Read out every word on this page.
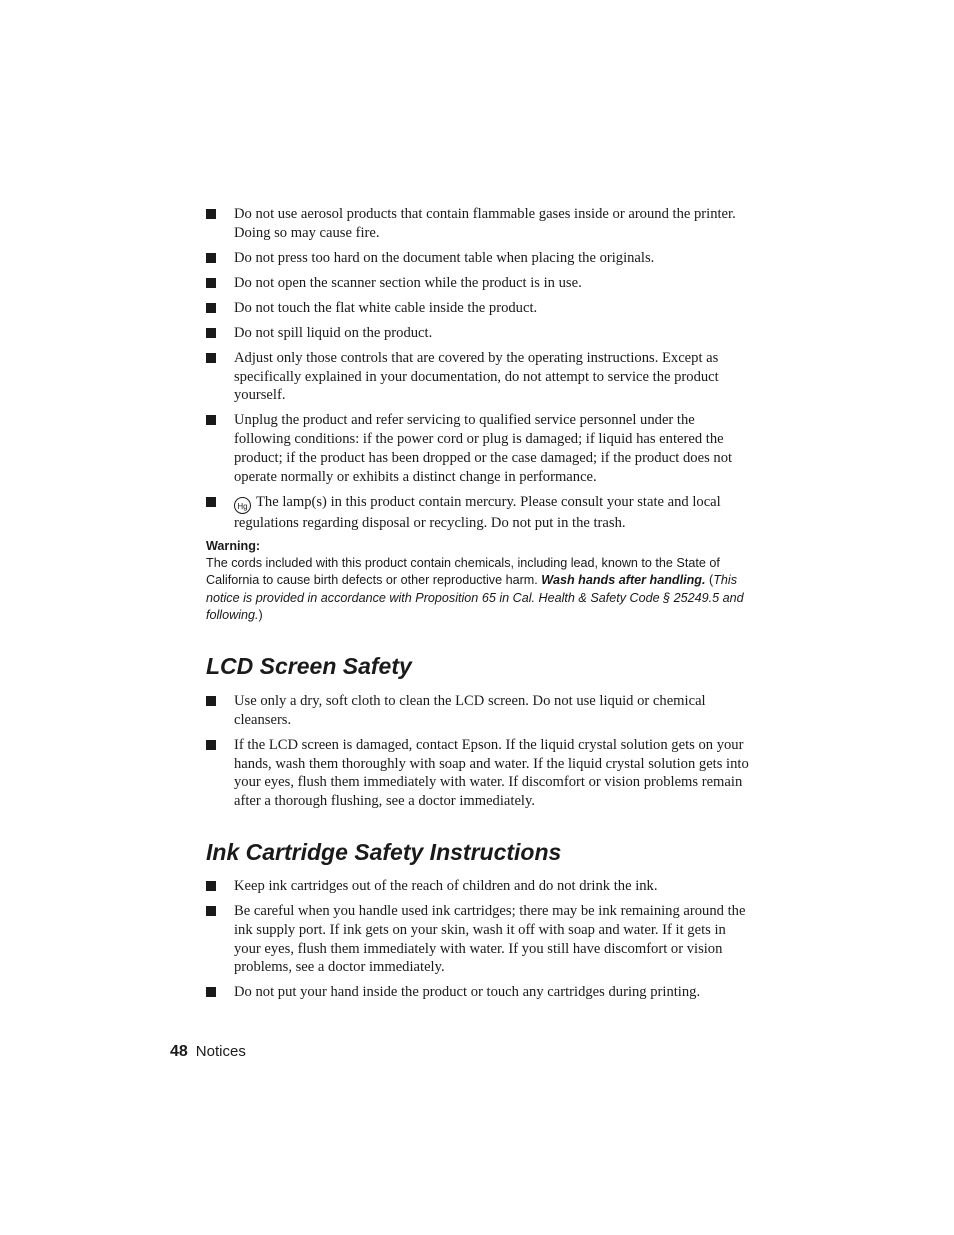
Do not use aerosol products that contain flammable gases inside or around the printer. Doing so may cause fire.
Do not press too hard on the document table when placing the originals.
Do not open the scanner section while the product is in use.
Do not touch the flat white cable inside the product.
Do not spill liquid on the product.
Adjust only those controls that are covered by the operating instructions. Except as specifically explained in your documentation, do not attempt to service the product yourself.
Unplug the product and refer servicing to qualified service personnel under the following conditions: if the power cord or plug is damaged; if liquid has entered the product; if the product has been dropped or the case damaged; if the product does not operate normally or exhibits a distinct change in performance.
Hg The lamp(s) in this product contain mercury. Please consult your state and local regulations regarding disposal or recycling. Do not put in the trash.

Warning:

The cords included with this product contain chemicals, including lead, known to the State of California to cause birth defects or other reproductive harm. Wash hands after handling. (This notice is provided in accordance with Proposition 65 in Cal. Health & Safety Code § 25249.5 and following.)

LCD Screen Safety
Use only a dry, soft cloth to clean the LCD screen. Do not use liquid or chemical cleansers.
If the LCD screen is damaged, contact Epson. If the liquid crystal solution gets on your hands, wash them thoroughly with soap and water. If the liquid crystal solution gets into your eyes, flush them immediately with water. If discomfort or vision problems remain after a thorough flushing, see a doctor immediately.
Ink Cartridge Safety Instructions
Keep ink cartridges out of the reach of children and do not drink the ink.
Be careful when you handle used ink cartridges; there may be ink remaining around the ink supply port. If ink gets on your skin, wash it off with soap and water. If it gets in your eyes, flush them immediately with water. If you still have discomfort or vision problems, see a doctor immediately.
Do not put your hand inside the product or touch any cartridges during printing.
48 Notices
